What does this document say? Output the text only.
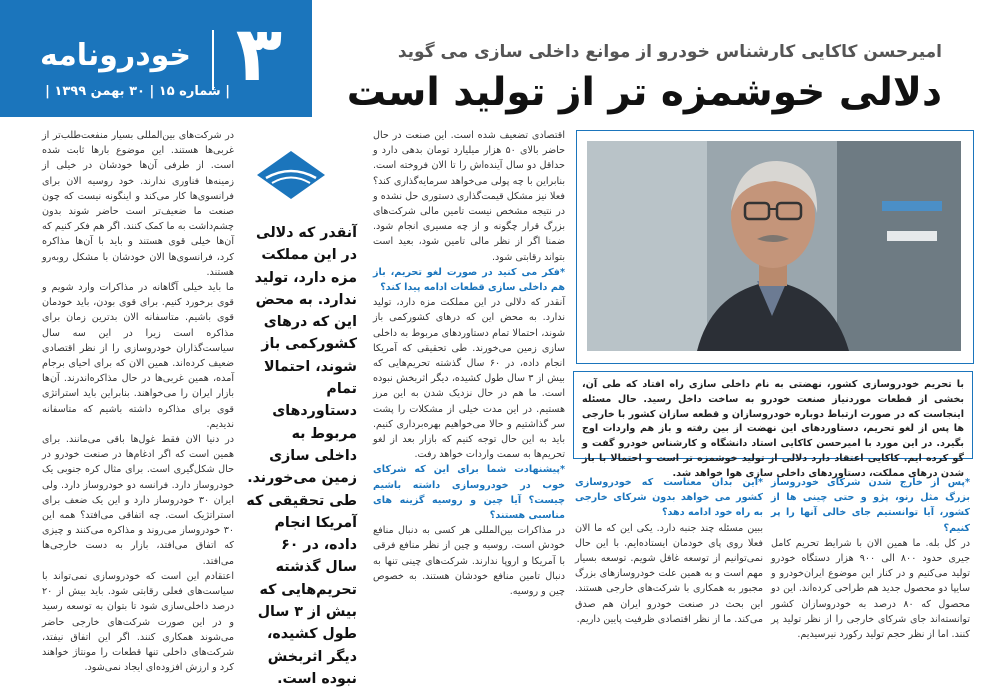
۳
خودرونامه
| شماره ۱۵ | ۳۰ بهمن ۱۳۹۹ |
امیرحسن کاکایی کارشناس خودرو از موانع داخلی سازی می گوید
دلالی خوشمزه تر از تولید است

در شرکت‌های بین‌المللی بسیار منفعت‌طلب‌تر از غربی‌ها هستند. این موضوع بارها ثابت شده است. از طرفی آن‌ها خودشان در خیلی از زمینه‌ها فناوری ندارند. خود روسیه الان برای فرانسوی‌ها کار می‌کند و اینگونه نیست که چون صنعت ما ضعیف‌تر است حاضر شوند بدون چشم‌داشت به ما کمک کنند. اگر هم فکر کنیم که آن‌ها خیلی قوی هستند و باید با آن‌ها مذاکره کرد، فرانسوی‌ها الان خودشان با مشکل روبه‌رو هستند.

ما باید خیلی آگاهانه در مذاکرات وارد شویم و قوی برخورد کنیم. برای قوی بودن، باید خودمان قوی باشیم. متاسفانه الان بدترین زمان برای مذاکره است زیرا در این سه سال سیاست‌گذاران خودروسازی را از نظر اقتصادی ضعیف کرده‌اند. همین الان که برای احیای برجام آمده، همین غربی‌ها در حال مذاکره‌اندرند. آن‌ها بازار ایران را می‌خواهند. بنابراین باید استراتژی قوی برای مذاکره داشته باشیم که متاسفانه ندیدیم.

در دنیا الان فقط غول‌ها باقی می‌مانند. برای همین است که اگر ادغام‌ها در صنعت خودرو در حال شکل‌گیری است. برای مثال کره جنوبی یک خودروساز دارد. فرانسه دو خودروساز دارد. ولی ایران ۳۰ خودروساز دارد و این یک ضعف برای استراتژیک است. چه اتفاقی می‌افتد؟ همه این ۳۰ خودروساز می‌روند و مذاکره می‌کنند و چیزی که اتفاق می‌افتد، بازار به دست خارجی‌ها می‌افتد.

اعتقادم این است که خودروسازی نمی‌تواند با سیاست‌های فعلی رقابتی شود. باید بیش از ۲۰ درصد داخلی‌سازی شود تا بتوان به توسعه رسید و در این صورت شرکت‌های خارجی حاضر می‌شوند همکاری کنند. اگر این اتفاق نیفتد، شرکت‌های داخلی تنها قطعات را مونتاژ خواهند کرد و ارزش افزوده‌ای ایجاد نمی‌شود.

آنقدر که دلالی در این مملکت مزه دارد، تولید ندارد. به محض این که درهای کشورکمی باز شوند، احتمالا تمام دستاوردهای مربوط به داخلی سازی زمین می‌خورند. طی تحقیقی که آمریکا انجام داده، در ۶۰ سال گذشته تحریم‌هایی که بیش از ۳ سال طول کشیده، دیگر اثربخش نبوده است.

اقتصادی تضعیف شده است. این صنعت در حال حاضر بالای ۵۰ هزار میلیارد تومان بدهی دارد و حداقل دو سال آینده‌اش را تا الان فروخته است. بنابراین با چه پولی می‌خواهد سرمایه‌گذاری کند؟ فعلا نیز مشکل قیمت‌گذاری دستوری حل نشده و در نتیجه مشخص نیست تامین مالی شرکت‌های بزرگ قرار چگونه و از چه مسیری انجام شود. ضمنا اگر از نظر مالی تامین شود، بعید است بتواند رقابتی شود.

*فکر می کنید در صورت لغو تحریم، باز هم داخلی سازی قطعات ادامه پیدا کند؟

آنقدر که دلالی در این مملکت مزه دارد، تولید ندارد. به محض این که درهای کشورکمی باز شوند، احتمالا تمام دستاوردهای مربوط به داخلی سازی زمین می‌خورند. طی تحقیقی که آمریکا انجام داده، در ۶۰ سال گذشته تحریم‌هایی که بیش از ۳ سال طول کشیده، دیگر اثربخش نبوده است. ما هم در حال نزدیک شدن به این مرز هستیم. در این مدت خیلی از مشکلات را پشت سر گذاشتیم و حالا می‌خواهیم بهره‌برداری کنیم. باید به این حال توجه کنیم که بازار بعد از لغو تحریم‌ها به سمت واردات خواهد رفت.

*پیشنهادت شما برای این که شرکای خوب در خودروسازی داشته باشیم چیست؟ آیا چین و روسیه گزینه های مناسبی هستند؟

در مذاکرات بین‌المللی هر کسی به دنبال منافع خودش است. روسیه و چین از نظر منافع فرقی با آمریکا و اروپا ندارند. شرکت‌های چینی تنها به دنبال تامین منافع خودشان هستند. به خصوص چین و روسیه.

با تحریم خودروسازی کشور، نهضتی به نام داخلی سازی راه افتاد که طی آن، بخشی از قطعات موردنیاز صنعت خودرو به ساخت داخل رسید. حال مسئله اینجاست که در صورت ارتباط دوباره خودروسازان و قطعه سازان کشور با خارجی ها پس از لغو تحریم، دستاوردهای این نهضت از بین رفته و باز هم واردات اوج بگیرد. در این مورد با امیرحسن کاکایی استاد دانشگاه و کارشناس خودرو گفت و گو کرده ایم. کاکایی اعتقاد دارد دلالی از تولید خوشمزه تر است و احتمالا با باز شدن درهای مملکت، دستاوردهای داخلی سازی هوا خواهد شد.

*پس از خارج شدن شرکای خودروساز بزرگ مثل رنو، پژو و حتی چینی ها از کشور، آیا توانستیم جای خالی آنها را پر کنیم؟

در کل بله. ما همین الان با شرایط تحریم کامل جیری حدود ۸۰۰ الی ۹۰۰ هزار دستگاه خودرو تولید می‌کنیم و در کنار این موضوع ایران‌خودرو و سایپا دو محصول جدید هم طراحی کرده‌اند. این دو محصول که ۸۰ درصد به خودروسازان کشور توانسته‌اند جای شرکای خارجی را از نظر تولید پر کنند. اما از نظر حجم تولید رکورد نیرسیدیم.

*این بدان معناست که خودروسازی کشور می خواهد بدون شرکای خارجی به راه خود ادامه دهد؟

ببین مسئله چند جنبه دارد. یکی این که ما الان فعلا روی پای خودمان ایستاده‌ایم. با این حال نمی‌توانیم از توسعه غافل شویم. توسعه بسیار مهم است و به همین علت خودروسازهای بزرگ مجبور به همکاری با شرکت‌های خارجی هستند. این بحث در صنعت خودرو ایران هم صدق می‌کند. ما از نظر اقتصادی ظرفیت پایین داریم.
